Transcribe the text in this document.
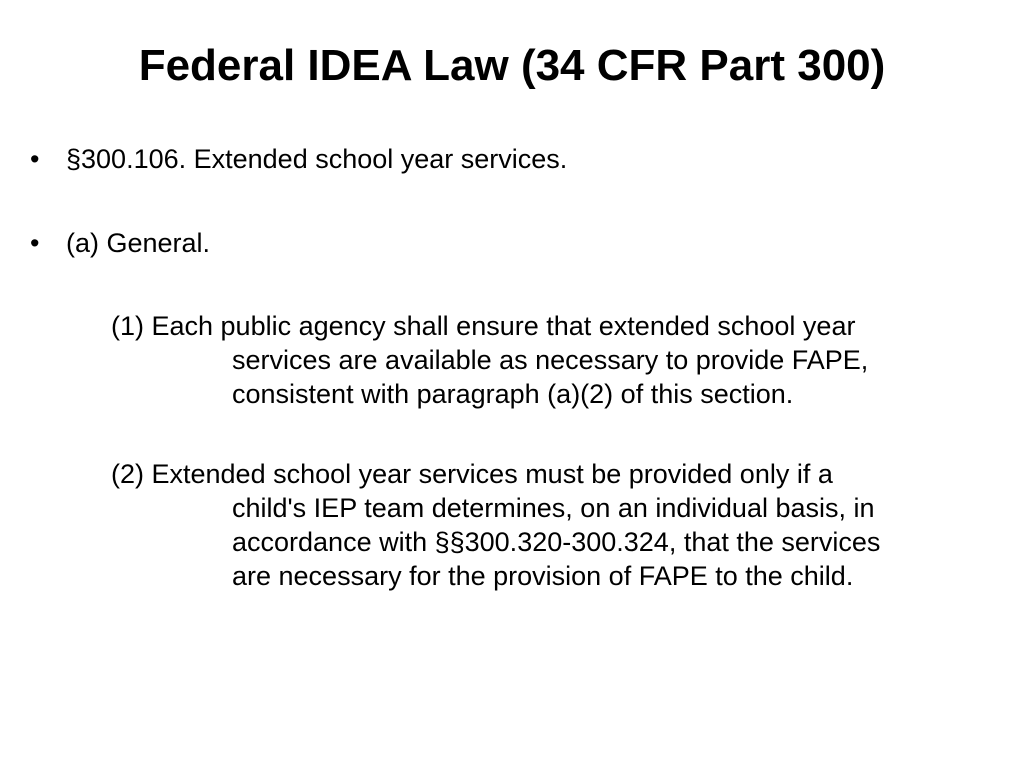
Federal IDEA Law (34 CFR Part 300)
• §300.106. Extended school year services.
• (a) General.
(1) Each public agency shall ensure that extended school year
services are available as necessary to provide FAPE,
consistent with paragraph (a)(2) of this section.
(2) Extended school year services must be provided only if a
child's IEP team determines, on an individual basis, in
accordance with §§300.320-300.324, that the services
are necessary for the provision of FAPE to the child.
